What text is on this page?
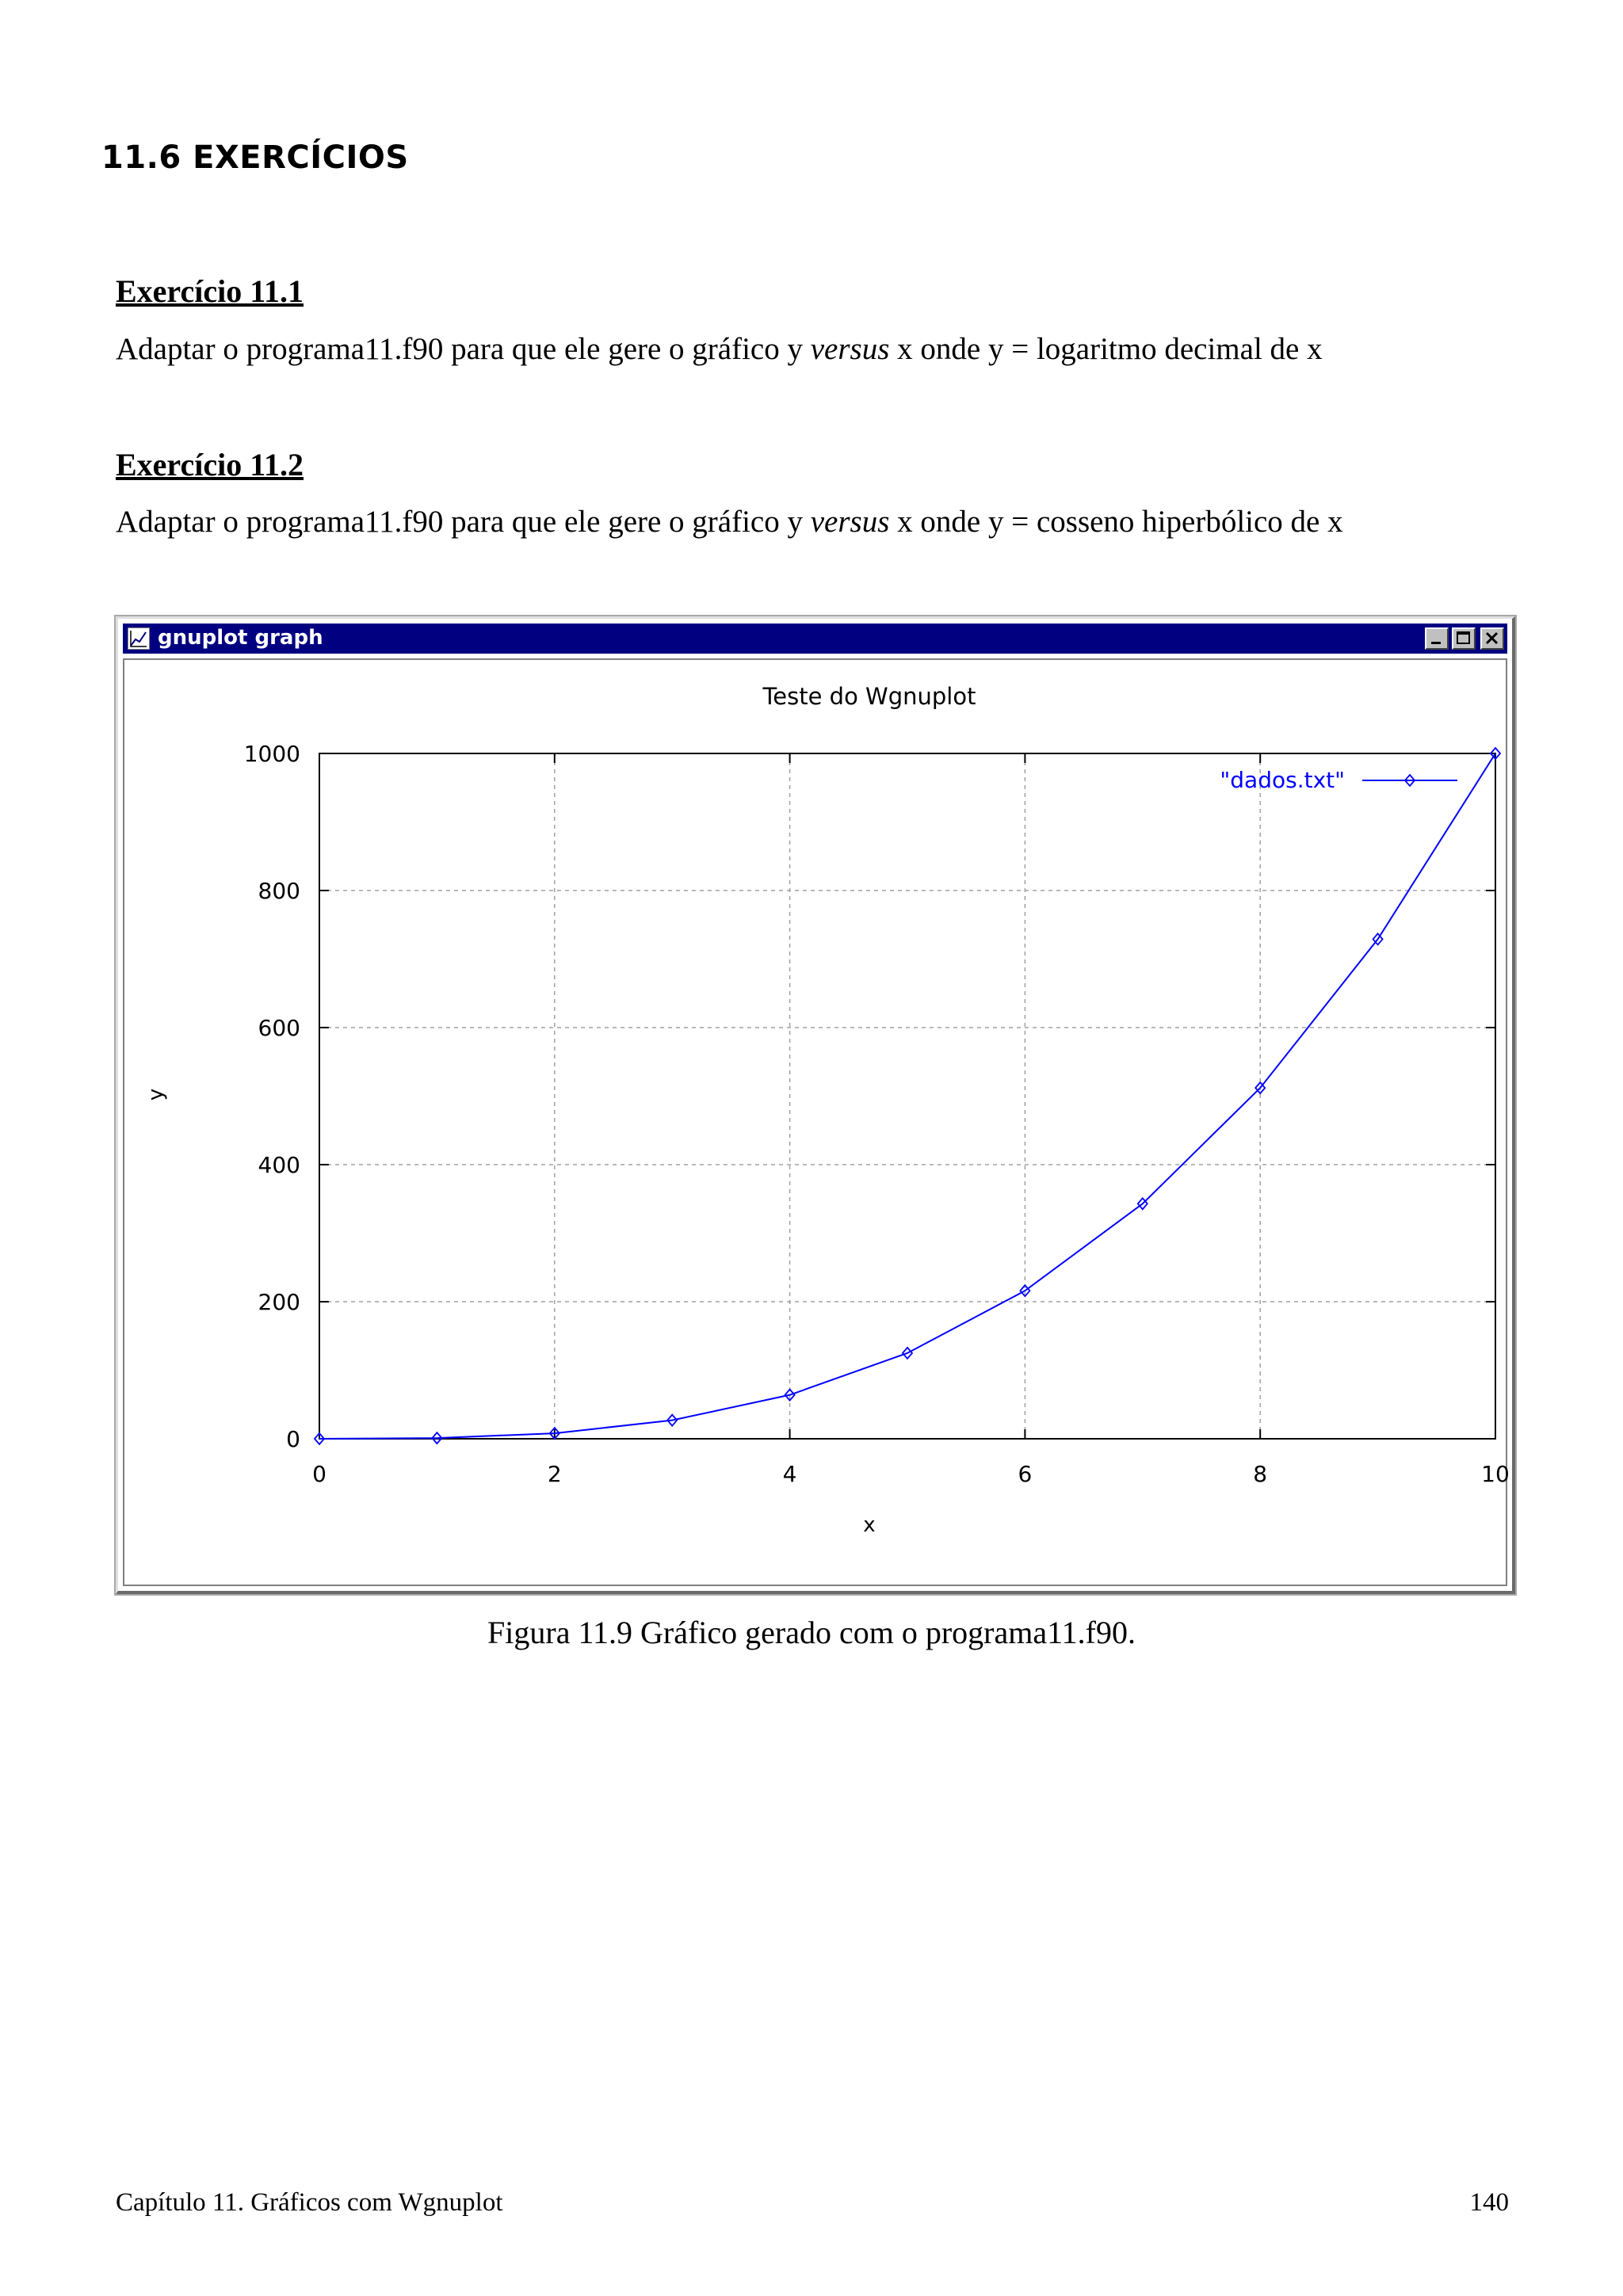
11.6 EXERCÍCIOS

Exercício 11.1

Adaptar o programa11.f90 para que ele gere o gráfico y versus x onde y = logaritmo decimal de x

Exercício 11.2

Adaptar o programa11.f90 para que ele gere o gráfico y versus x onde y = cosseno hiperbólico de x

gnuplot graph
0	2	4	6	8	10
0
200
400
600
800
1000
Teste do Wgnuplot
x
y
"dados.txt"

Figura 11.9 Gráfico gerado com o programa11.f90.

Capítulo 11. Gráficos com Wgnuplot	140
